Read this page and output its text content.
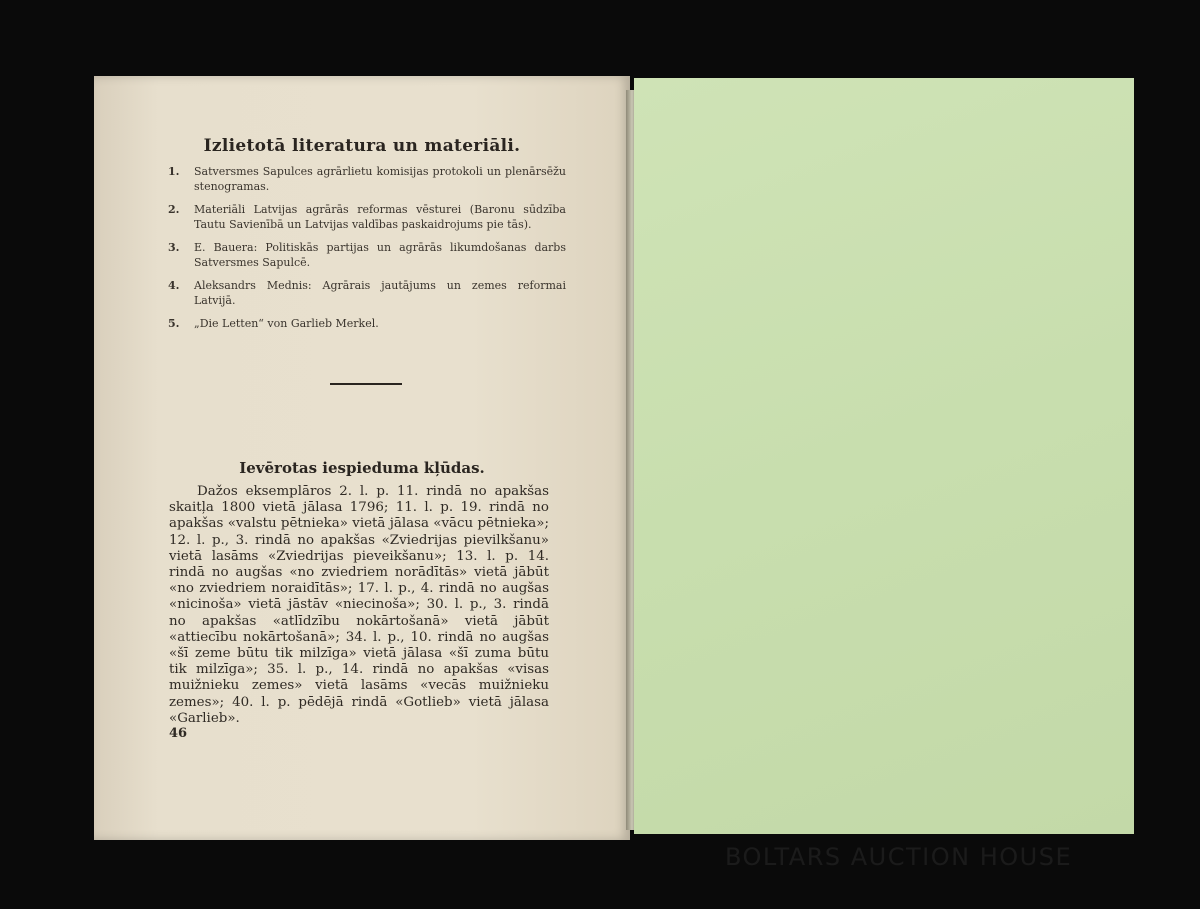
Izlietotā literatura un materiāli.
1.	Satversmes Sapulces agrārlietu komisijas protokoli un plenārsēžu stenogramas.
2.	Materiāli Latvijas agrārās reformas vēsturei (Baronu sūdzība Tautu Savienībā un Latvijas valdības paskaidrojums pie tās).
3.	E. Bauera: Politiskās partijas un agrārās likumdošanas darbs Satversmes Sapulcē.
4.	Aleksandrs Mednis: Agrārais jautājums un zemes reformai Latvijā.
5.	„Die Letten“ von Garlieb Merkel.
Ievērotas iespieduma kļūdas.

Dažos eksemplāros 2. l. p. 11. rindā no apakšas skaitļa 1800 vietā jālasa 1796; 11. l. p. 19. rindā no apakšas «valstu pētnieka» vietā jālasa «vācu pētnieka»; 12. l. p., 3. rindā no apakšas «Zviedrijas pievilkšanu» vietā lasāms «Zviedrijas pieveikšanu»; 13. l. p. 14. rindā no augšas «no zviedriem norādītās» vietā jābūt «no zviedriem noraidītās»; 17. l. p., 4. rindā no augšas «nicinoša» vietā jāstāv «niecinoša»; 30. l. p., 3. rindā no apakšas «atlīdzību nokārtošanā» vietā jābūt «attiecību nokārtošanā»; 34. l. p., 10. rindā no augšas «šī zeme būtu tik milzīga» vietā jālasa «šī zuma būtu tik milzīga»; 35. l. p., 14. rindā no apakšas «visas muižnieku zemes» vietā lasāms «vecās muižnieku zemes»; 40. l. p. pēdējā rindā «Gotlieb» vietā jālasa «Garlieb».

46
BOLTARS AUCTION HOUSE
